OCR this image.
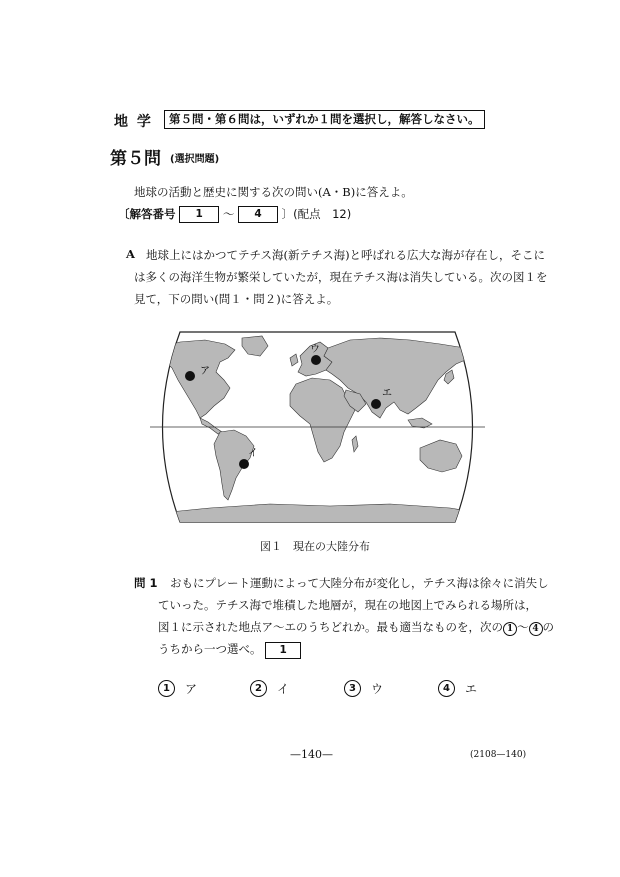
地 学	第５問・第６問は，いずれか１問を選択し，解答しなさい。
第５問 (選択問題)
地球の活動と歴史に関する次の問い(A・B)に答えよ。
〔解答番号 1 〜 4 〕(配点　12)
A 地球上にはかつてテチス海(新テチス海)と呼ばれる広大な海が存在し，そこに
は多くの海洋生物が繁栄していたが，現在テチス海は消失している。次の図１を
見て，下の問い(問１・問２)に答えよ。
ア
イ
ウ
エ
図１　現在の大陸分布
問 1 おもにプレート運動によって大陸分布が変化し，テチス海は徐々に消失し
ていった。テチス海で堆積した地層が，現在の地図上でみられる場所は，
図１に示された地点ア〜エのうちどれか。最も適当なものを，次の 1 〜 4 の
うちから一つ選べ。 1
1	ア	2	イ	3	ウ	4	エ
—140—	(2108—140)
